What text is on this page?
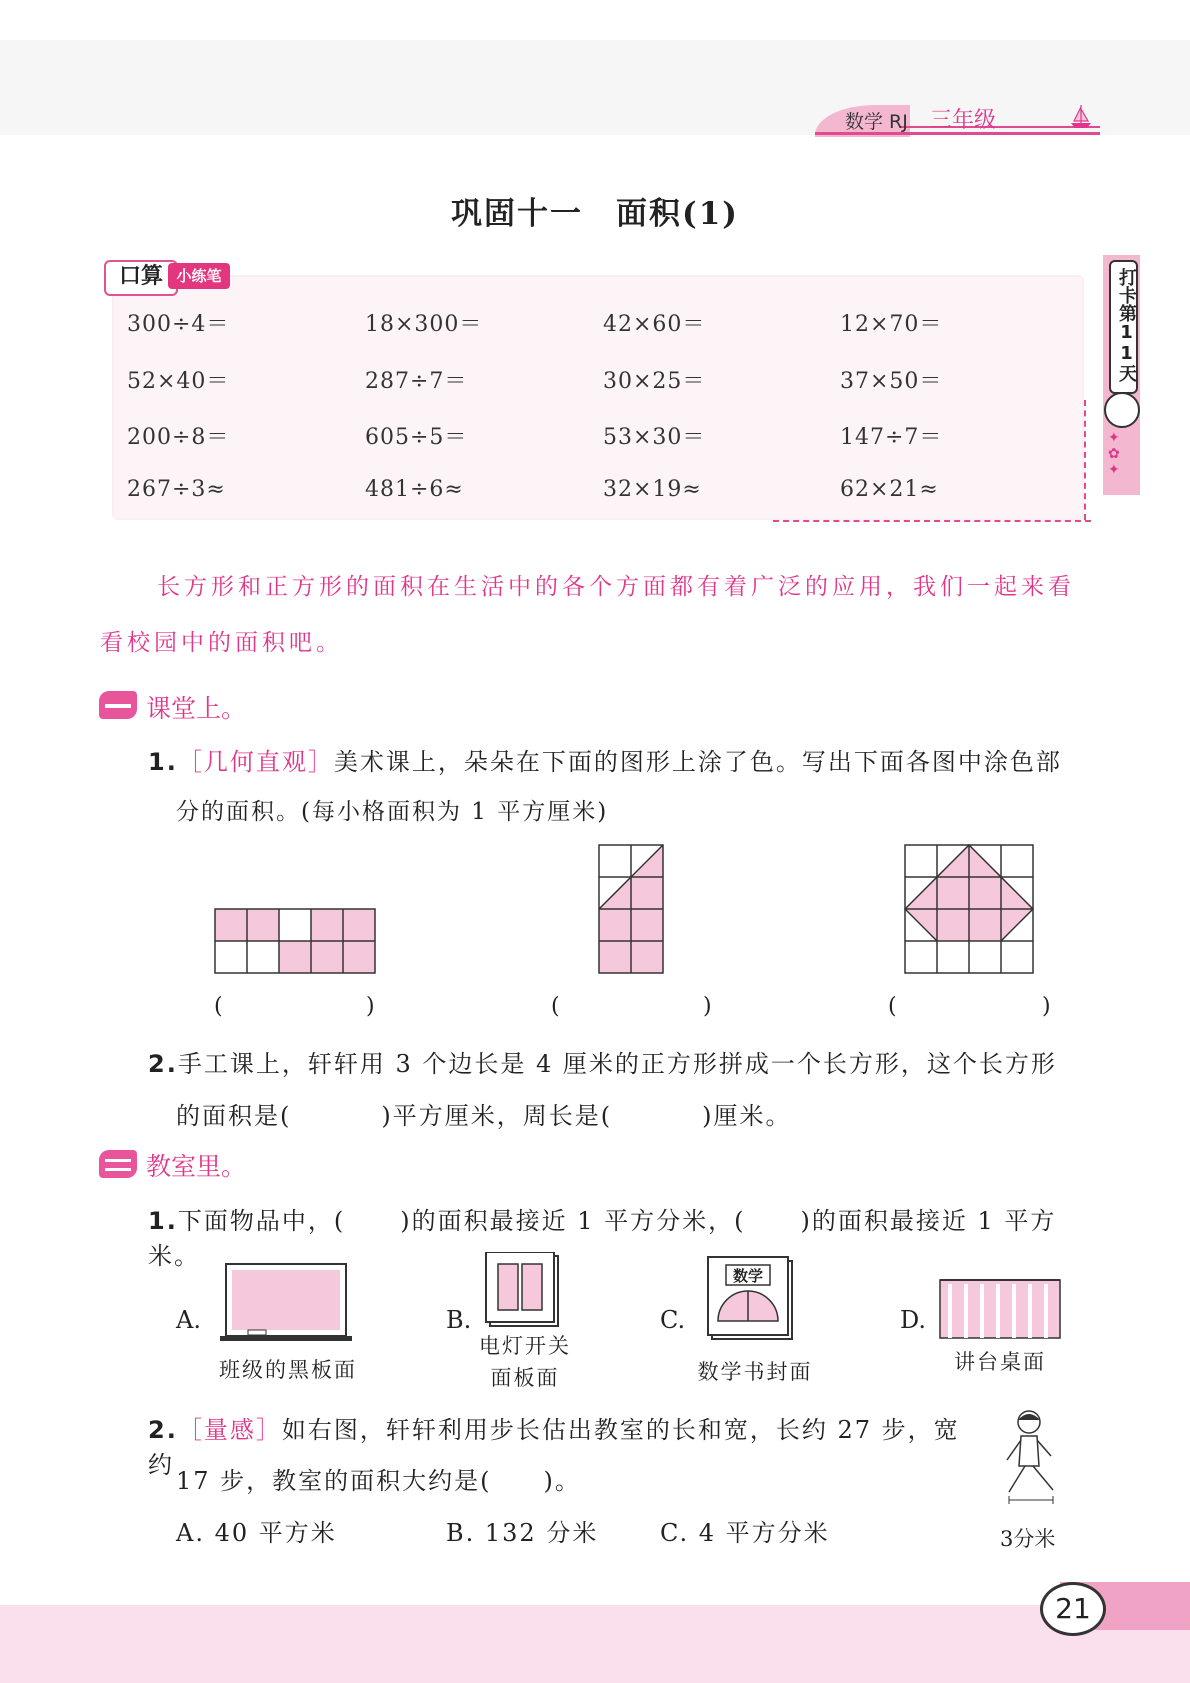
数学 RJ 三年级
巩固十一　面积(1)
口算 小练笔
300÷4＝	18×300＝	42×60＝	12×70＝
52×40＝	287÷7＝	30×25＝	37×50＝
200÷8＝	605÷5＝	53×30＝	147÷7＝
267÷3≈	481÷6≈	32×19≈	62×21≈
打卡第11天
✦
✿
✦
长方形和正方形的面积在生活中的各个方面都有着广泛的应用，我们一起来看
看校园中的面积吧。
课堂上。
1.［几何直观］美术课上，朵朵在下面的图形上涂了色。写出下面各图中涂色部
分的面积。(每小格面积为 1 平方厘米)
(	)	(	)	(	)
2.手工课上，轩轩用 3 个边长是 4 厘米的正方形拼成一个长方形，这个长方形
的面积是(	)平方厘米，周长是(	)厘米。
教室里。
1.下面物品中，( )的面积最接近 1 平方分米，( )的面积最接近 1 平方米。
A.
班级的黑板面
B.
电灯开关
面板面
C.
数学
数学书封面
D.
讲台桌面
2.［量感］如右图，轩轩利用步长估出教室的长和宽，长约 27 步，宽约
17 步，教室的面积大约是(　　)。
A. 40 平方米	B. 132 分米	C. 4 平方分米	3分米
21
